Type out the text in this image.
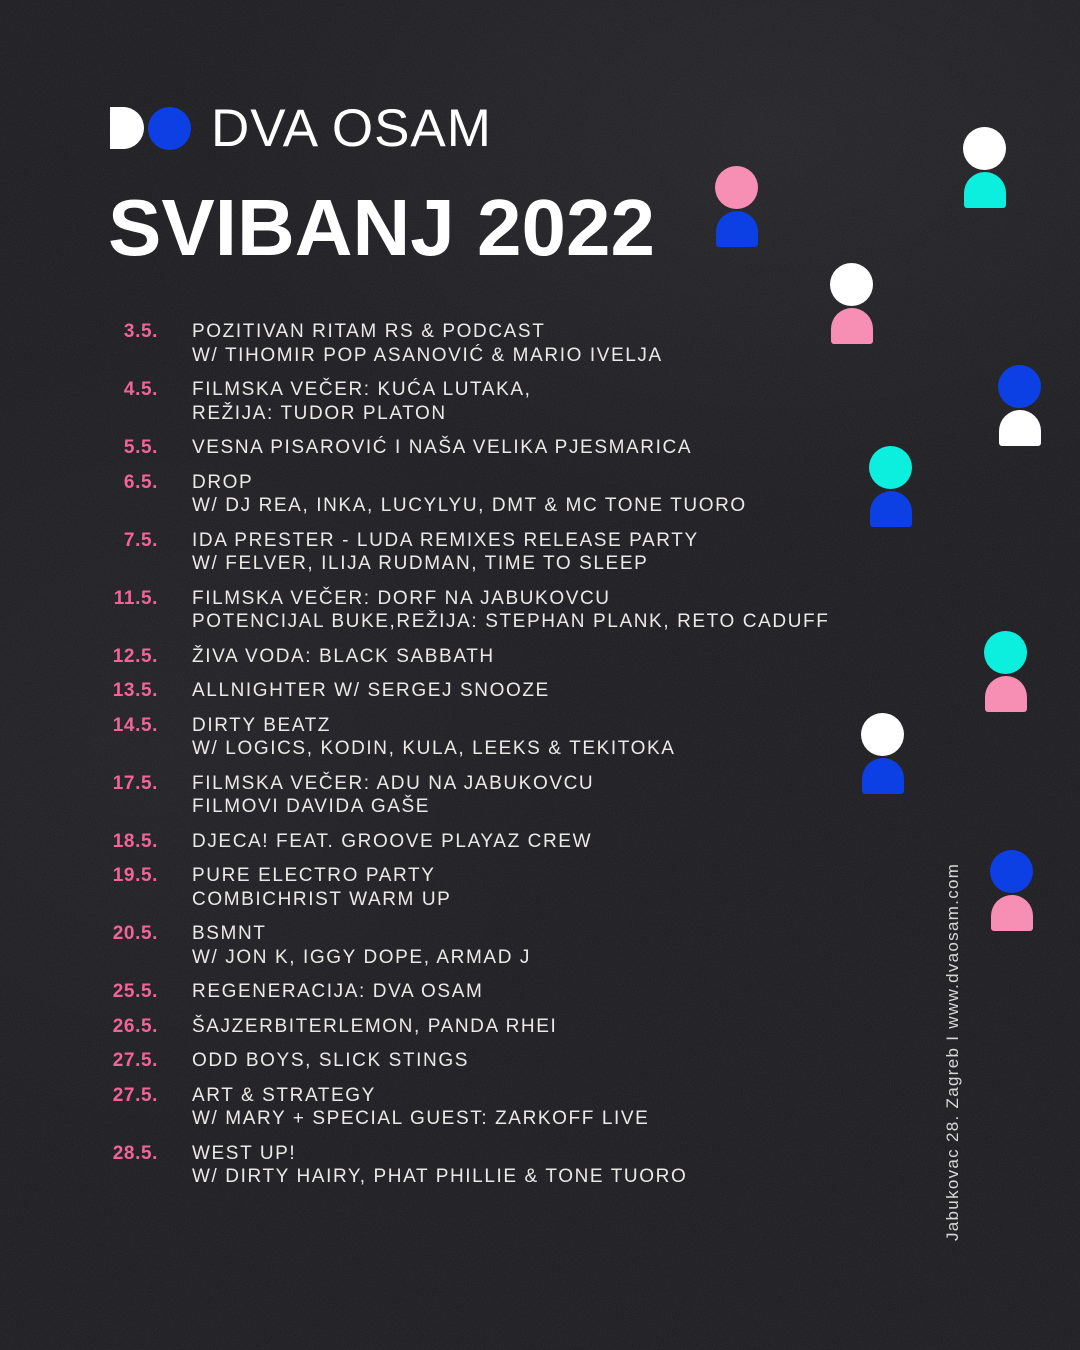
DVA OSAM
SVIBANJ 2022
3.5. POZITIVAN RITAM RS & PODCAST
W/ TIHOMIR POP ASANOVIĆ & MARIO IVELJA
4.5. FILMSKA VEČER: KUĆA LUTAKA,
REŽIJA: TUDOR PLATON
5.5. VESNA PISAROVIĆ I NAŠA VELIKA PJESMARICA
6.5. DROP
W/ DJ REA, INKA, LUCYLYU, DMT & MC TONE TUORO
7.5. IDA PRESTER - LUDA REMIXES RELEASE PARTY
W/ FELVER, ILIJA RUDMAN, TIME TO SLEEP
11.5. FILMSKA VEČER: DORF NA JABUKOVCU
POTENCIJAL BUKE,REŽIJA: STEPHAN PLANK, RETO CADUFF
12.5. ŽIVA VODA: BLACK SABBATH
13.5. ALLNIGHTER W/ SERGEJ SNOOZE
14.5. DIRTY BEATZ
W/ LOGICS, KODIN, KULA, LEEKS & TEKITOKA
17.5. FILMSKA VEČER: ADU NA JABUKOVCU
FILMOVI DAVIDA GAŠE
18.5. DJECA! FEAT. GROOVE PLAYAZ CREW
19.5. PURE ELECTRO PARTY
COMBICHRIST WARM UP
20.5. BSMNT
W/ JON K, IGGY DOPE, ARMAD J
25.5. REGENERACIJA: DVA OSAM
26.5. ŠAJZERBITERLEMON, PANDA RHEI
27.5. ODD BOYS, SLICK STINGS
27.5. ART & STRATEGY
W/ MARY + SPECIAL GUEST: ZARKOFF LIVE
28.5. WEST UP!
W/ DIRTY HAIRY, PHAT PHILLIE & TONE TUORO	Jabukovac 28. Zagreb I www.dvaosam.com
